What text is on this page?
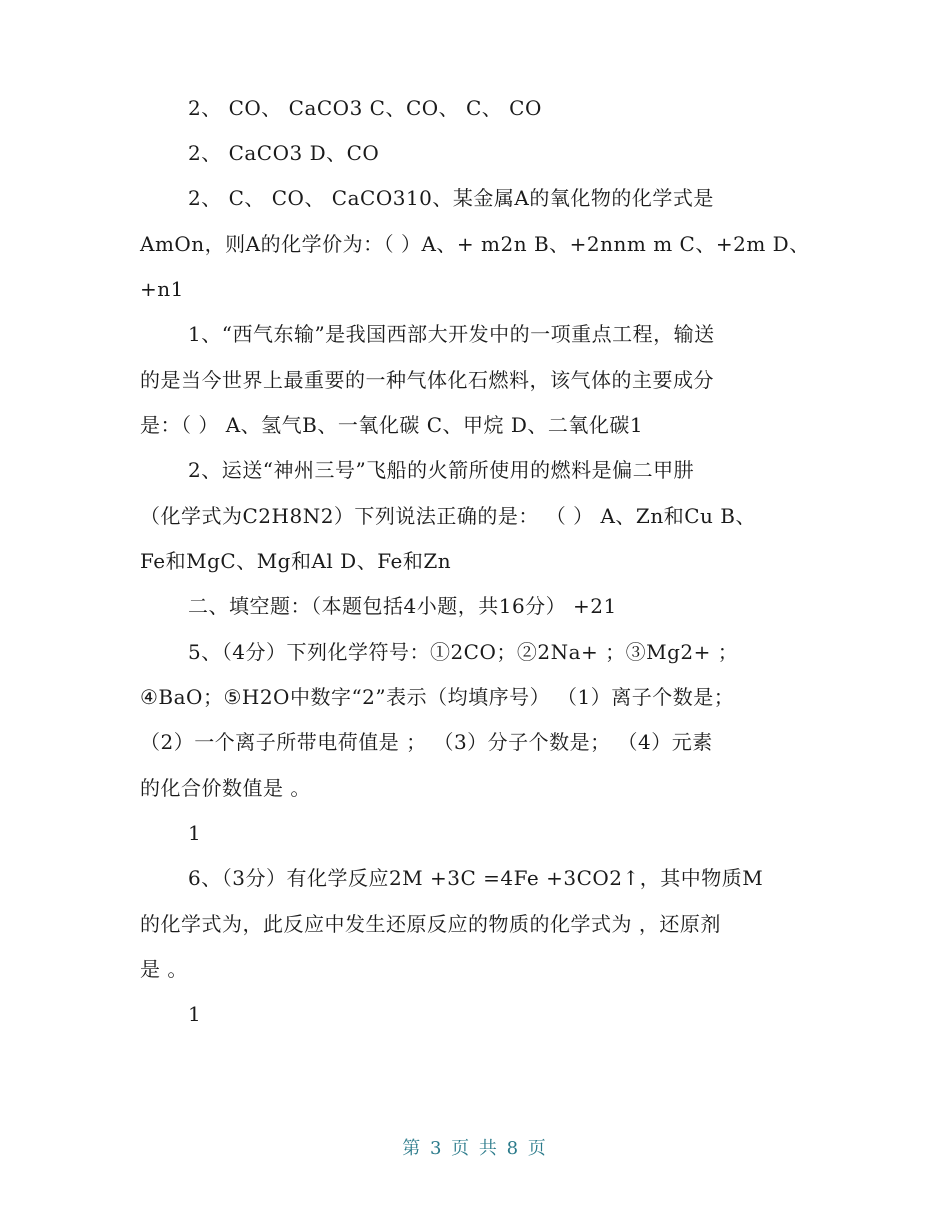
2、 CO、 CaCO3 C、CO、 C、 CO
2、 CaCO3 D、CO
2、 C、 CO、 CaCO310、某金属A的氧化物的化学式是
AmOn，则A的化学价为：（ ）A、+ m2n B、+2nnm m C、+2m D、
+n1
1、“西气东输”是我国西部大开发中的一项重点工程，输送
的是当今世界上最重要的一种气体化石燃料，该气体的主要成分
是：（ ） A、氢气B、一氧化碳 C、甲烷 D、二氧化碳1
2、运送“神州三号”飞船的火箭所使用的燃料是偏二甲肼
（化学式为C2H8N2）下列说法正确的是： （ ） A、Zn和Cu B、
Fe和MgC、Mg和Al D、Fe和Zn
二、填空题：（本题包括4小题，共16分） +21
5、（4分）下列化学符号：①2CO；②2Na+ ；③Mg2+ ；
④BaO；⑤H2O中数字“2”表示（均填序号） （1）离子个数是；
（2）一个离子所带电荷值是 ； （3）分子个数是； （4）元素
的化合价数值是 。
1
6、（3分）有化学反应2M +3C =4Fe +3CO2↑，其中物质M
的化学式为，此反应中发生还原反应的物质的化学式为 ，还原剂
是 。
1
第 3 页 共 8 页
